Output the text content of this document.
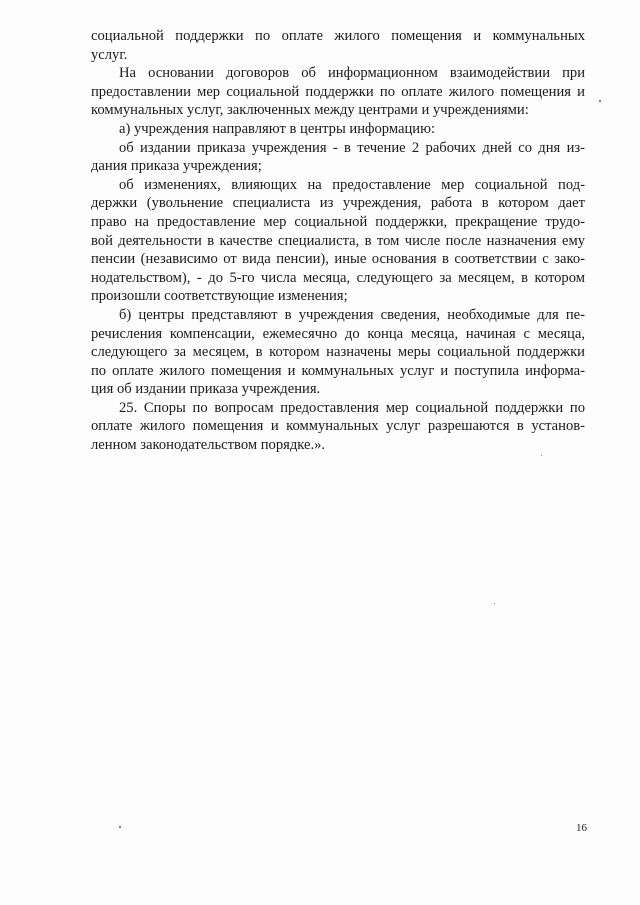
социальной поддержки по оплате жилого помещения и коммунальных
услуг.
На основании договоров об информационном взаимодействии при
предоставлении мер социальной поддержки по оплате жилого помещения и
коммунальных услуг, заключенных между центрами и учреждениями:
а) учреждения направляют в центры информацию:
об издании приказа учреждения - в течение 2 рабочих дней со дня из-
дания приказа учреждения;
об изменениях, влияющих на предоставление мер социальной под-
держки (увольнение специалиста из учреждения, работа в котором дает
право на предоставление мер социальной поддержки, прекращение трудо-
вой деятельности в качестве специалиста, в том числе после назначения ему
пенсии (независимо от вида пенсии), иные основания в соответствии с зако-
нодательством), - до 5-го числа месяца, следующего за месяцем, в котором
произошли соответствующие изменения;
б) центры представляют в учреждения сведения, необходимые для пе-
речисления компенсации, ежемесячно до конца месяца, начиная с месяца,
следующего за месяцем, в котором назначены меры социальной поддержки
по оплате жилого помещения и коммунальных услуг и поступила информа-
ция об издании приказа учреждения.
25. Споры по вопросам предоставления мер социальной поддержки по
оплате жилого помещения и коммунальных услуг разрешаются в установ-
ленном законодательством порядке.».
16
